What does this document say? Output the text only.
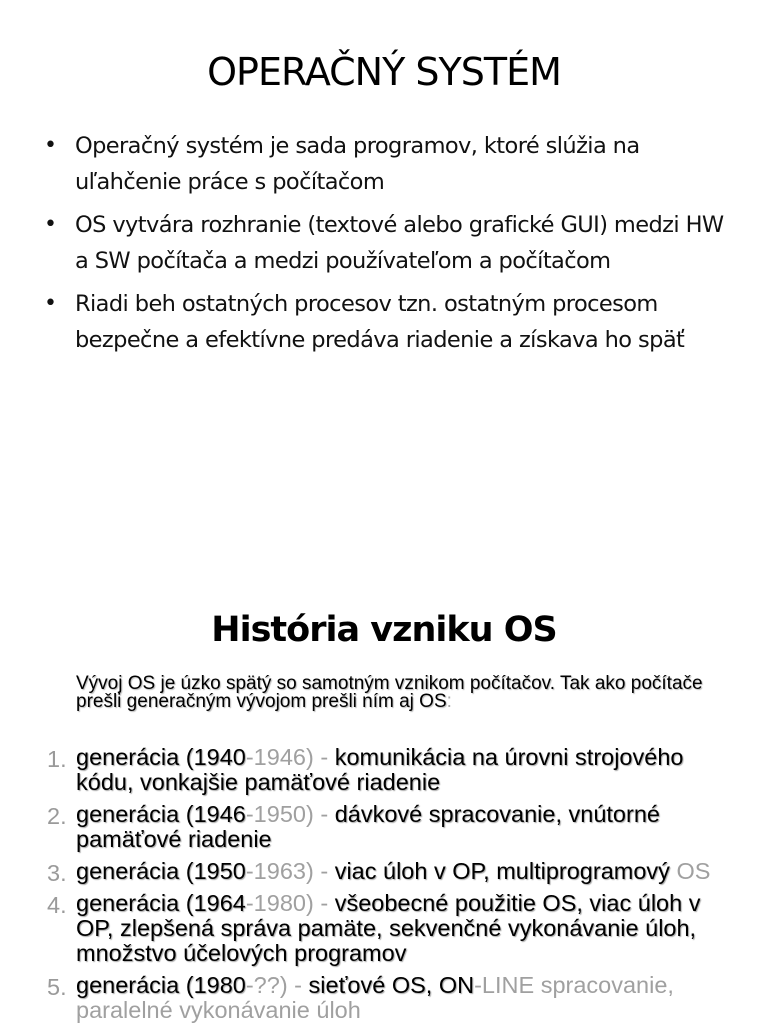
OPERAČNÝ SYSTÉM
• Operačný systém je sada programov, ktoré slúžia na uľahčenie práce s počítačom
• OS vytvára rozhranie (textové alebo grafické GUI) medzi HW a SW počítača a medzi používateľom a počítačom
• Riadi beh ostatných procesov tzn. ostatným procesom bezpečne a efektívne predáva riadenie a získava ho späť
História vzniku OS

Vývoj OS je úzko spätý so samotným vznikom počítačov. Tak ako počítače prešli generačným vývojom prešli ním aj OS:

1. generácia (1940-1946) - komunikácia na úrovni strojového kódu, vonkajšie pamäťové riadenie
2. generácia (1946-1950) - dávkové spracovanie, vnútorné pamäťové riadenie
3. generácia (1950-1963) - viac úloh v OP, multiprogramový OS
4. generácia (1964-1980) - všeobecné použitie OS, viac úloh v OP, zlepšená správa pamäte, sekvenčné vykonávanie úloh, množstvo účelových programov
5. generácia (1980-??) - sieťové OS, ON-LINE spracovanie, paralelné vykonávanie úloh
